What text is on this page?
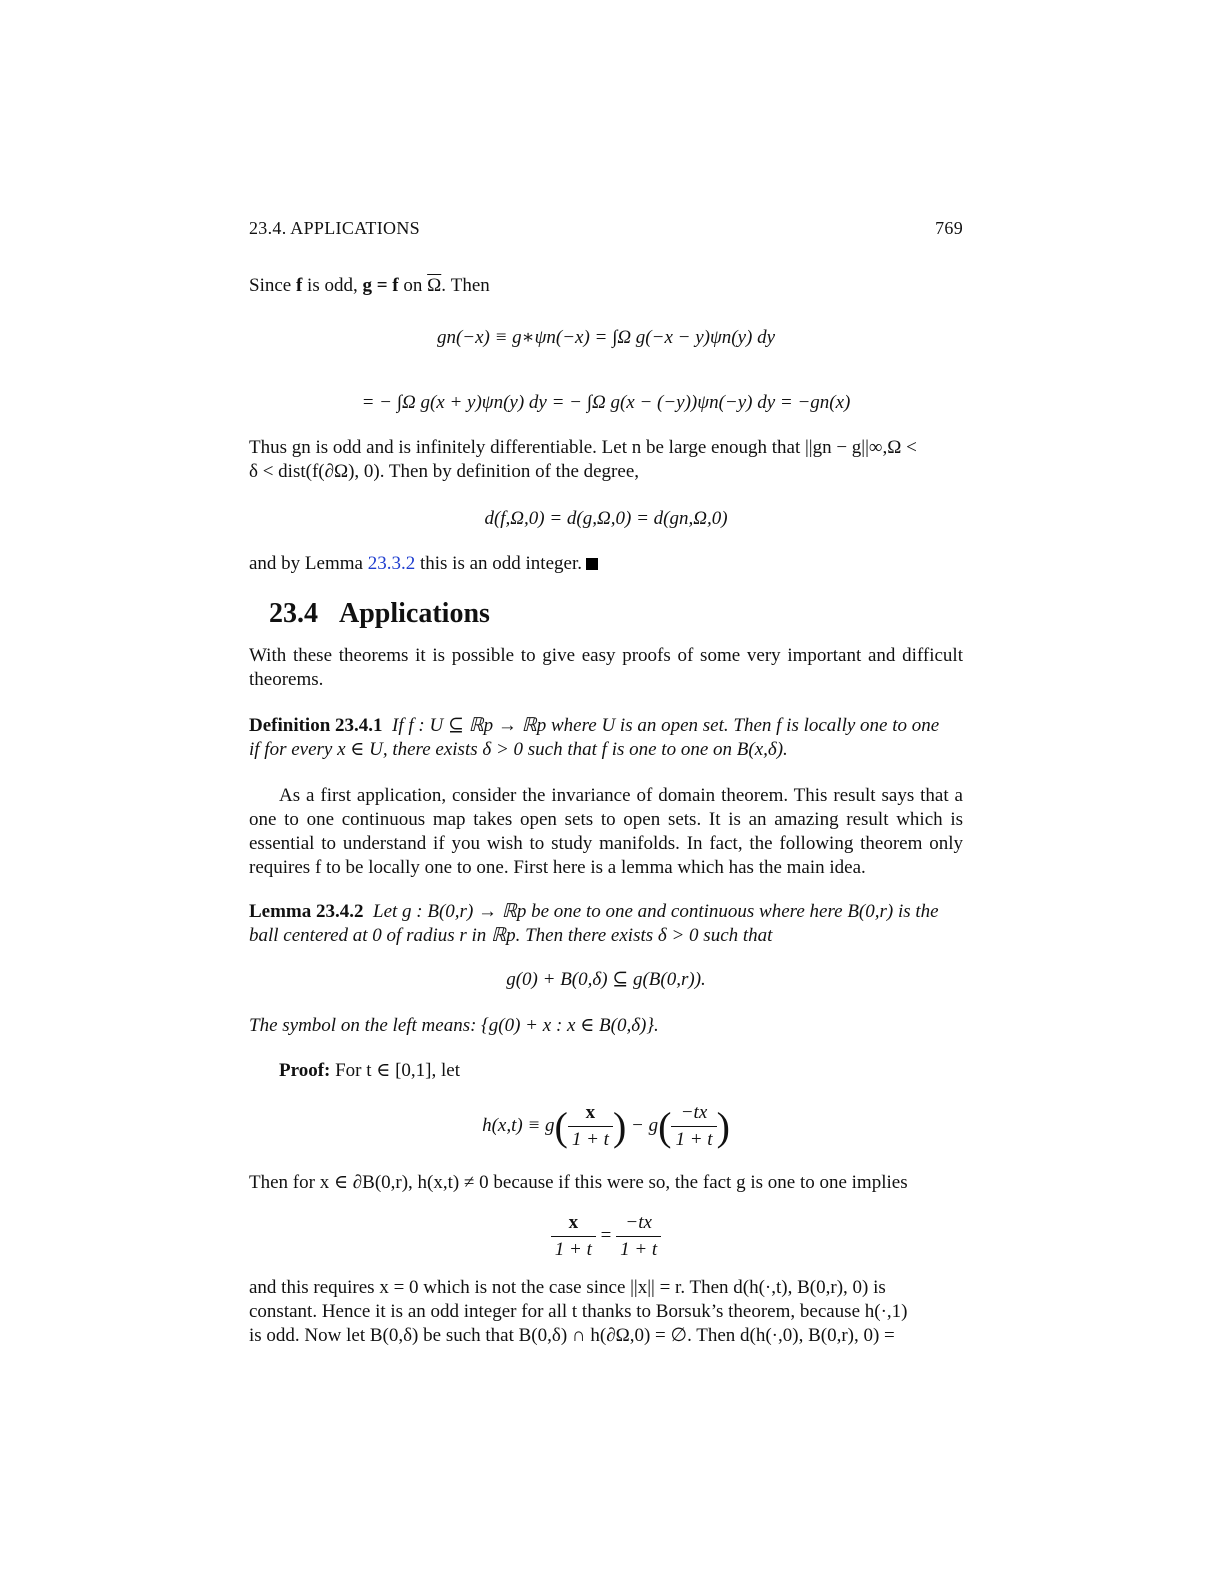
23.4. APPLICATIONS	769

Since f is odd, g = f on $\overline{\Omega}$. Then

gn(−x) ≡ g∗ψn(−x) = ∫Ω g(−x − y)ψn(y) dy
= − ∫Ω g(x + y)ψn(y) dy = − ∫Ω g(x − (−y))ψn(−y) dy = −gn(x)

Thus gn is odd and is infinitely differentiable. Let n be large enough that ||gn − g||∞,Ω <
δ < dist(f(∂Ω), 0). Then by definition of the degree,

d(f,Ω,0) = d(g,Ω,0) = d(gn,Ω,0)

and by Lemma 23.3.2 this is an odd integer.

23.4 Applications

With these theorems it is possible to give easy proofs of some very important and difficult theorems.

Definition 23.4.1 If f : U ⊆ ℝp → ℝp where U is an open set. Then f is locally one to one
if for every x ∈ U, there exists δ > 0 such that f is one to one on B(x,δ).

As a first application, consider the invariance of domain theorem. This result says that a one to one continuous map takes open sets to open sets. It is an amazing result which is essential to understand if you wish to study manifolds. In fact, the following theorem only requires f to be locally one to one. First here is a lemma which has the main idea.

Lemma 23.4.2 Let g : B(0,r) → ℝp be one to one and continuous where here B(0,r) is the
ball centered at 0 of radius r in ℝp. Then there exists δ > 0 such that

g(0) + B(0,δ) ⊆ g(B(0,r)).

The symbol on the left means: {g(0) + x : x ∈ B(0,δ)}.

Proof: For t ∈ [0,1], let

$h(x,t) \equiv g( \frac{x}{1 + t}$ ) − $g( \frac{-tx}{1 + t}$ )

Then for x ∈ ∂B(0,r), h(x,t) ≠ 0 because if this were so, the fact g is one to one implies

$\frac{x}{1 + t} = \frac{-tx}{1 + t}$

and this requires x = 0 which is not the case since ||x|| = r. Then d(h(·,t), B(0,r), 0) is
constant. Hence it is an odd integer for all t thanks to Borsuk’s theorem, because h(·,1)
is odd. Now let B(0,δ) be such that B(0,δ) ∩ h(∂Ω,0) = ∅. Then d(h(·,0), B(0,r), 0) =
